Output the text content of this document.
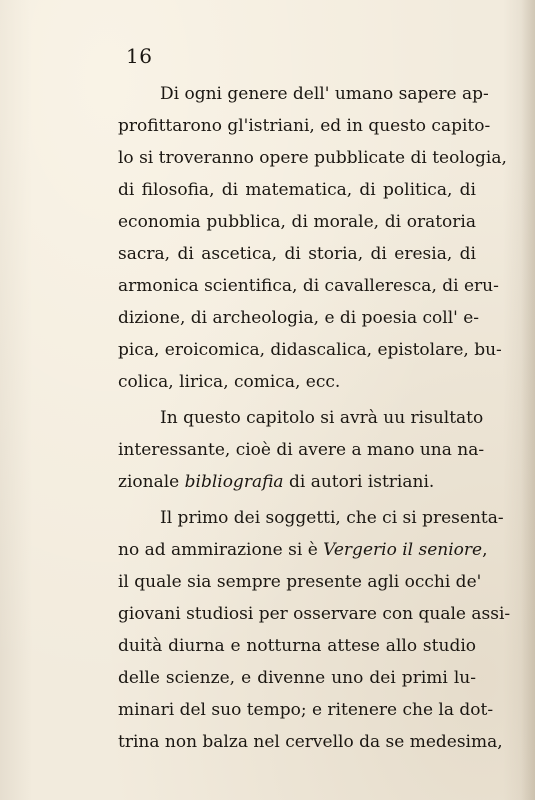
16
Di ogni genere dell' umano sapere ap-
profittarono gl'istriani, ed in questo capito-
lo si troveranno opere pubblicate di teologia,
di filosofia, di matematica, di politica, di
economia pubblica, di morale, di oratoria
sacra, di ascetica, di storia, di eresia, di
armonica scientifica, di cavalleresca, di eru-
dizione, di archeologia, e di poesia coll' e-
pica, eroicomica, didascalica, epistolare, bu-
colica, lirica, comica, ecc.
In questo capitolo si avrà uu risultato
interessante, cioè di avere a mano una na-
zionale bibliografia di autori istriani.
Il primo dei soggetti, che ci si presenta-
no ad ammirazione si è Vergerio il seniore,
il quale sia sempre presente agli occhi de'
giovani studiosi per osservare con quale assi-
duità diurna e notturna attese allo studio
delle scienze, e divenne uno dei primi lu-
minari del suo tempo; e ritenere che la dot-
trina non balza nel cervello da se medesima,
